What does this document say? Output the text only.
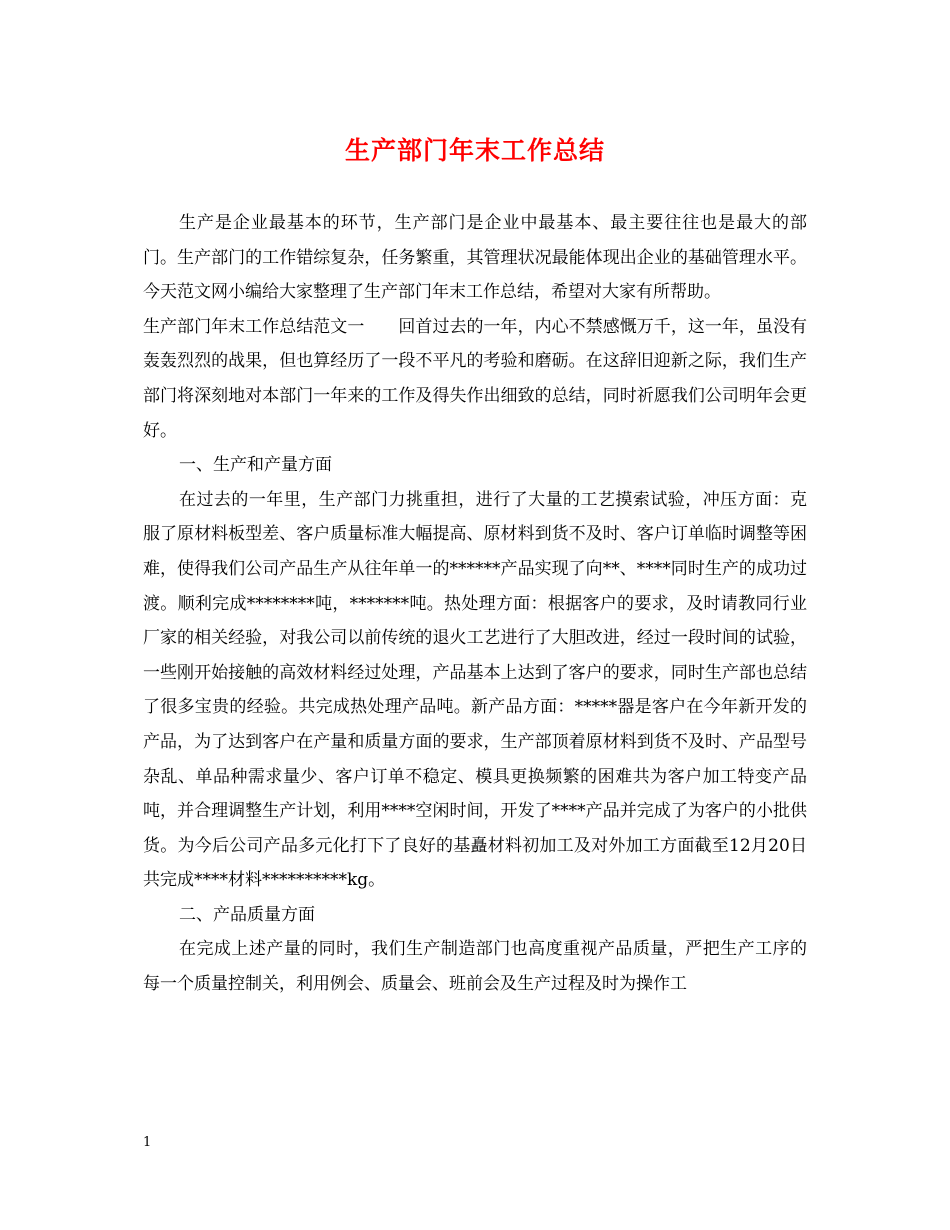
生产部门年末工作总结

生产是企业最基本的环节，生产部门是企业中最基本、最主要往往也是最大的部门。生产部门的工作错综复杂，任务繁重，其管理状况最能体现出企业的基础管理水平。今天范文网小编给大家整理了生产部门年末工作总结，希望对大家有所帮助。

生产部门年末工作总结范文一　　回首过去的一年，内心不禁感慨万千，这一年，虽没有轰轰烈烈的战果，但也算经历了一段不平凡的考验和磨砺。在这辞旧迎新之际，我们生产部门将深刻地对本部门一年来的工作及得失作出细致的总结，同时祈愿我们公司明年会更好。

一、生产和产量方面

在过去的一年里，生产部门力挑重担，进行了大量的工艺摸索试验，冲压方面：克服了原材料板型差、客户质量标准大幅提高、原材料到货不及时、客户订单临时调整等困难，使得我们公司产品生产从往年单一的******产品实现了向**、****同时生产的成功过渡。顺利完成********吨，*******吨。热处理方面：根据客户的要求，及时请教同行业厂家的相关经验，对我公司以前传统的退火工艺进行了大胆改进，经过一段时间的试验，一些刚开始接触的高效材料经过处理，产品基本上达到了客户的要求，同时生产部也总结了很多宝贵的经验。共完成热处理产品吨。新产品方面：*****器是客户在今年新开发的产品，为了达到客户在产量和质量方面的要求，生产部顶着原材料到货不及时、产品型号杂乱、单品种需求量少、客户订单不稳定、模具更换频繁的困难共为客户加工特变产品吨，并合理调整生产计划，利用****空闲时间，开发了****产品并完成了为客户的小批供货。为今后公司产品多元化打下了良好的基矗材料初加工及对外加工方面截至12月20日共完成****材料**********kg。

二、产品质量方面

在完成上述产量的同时，我们生产制造部门也高度重视产品质量，严把生产工序的每一个质量控制关，利用例会、质量会、班前会及生产过程及时为操作工

1
